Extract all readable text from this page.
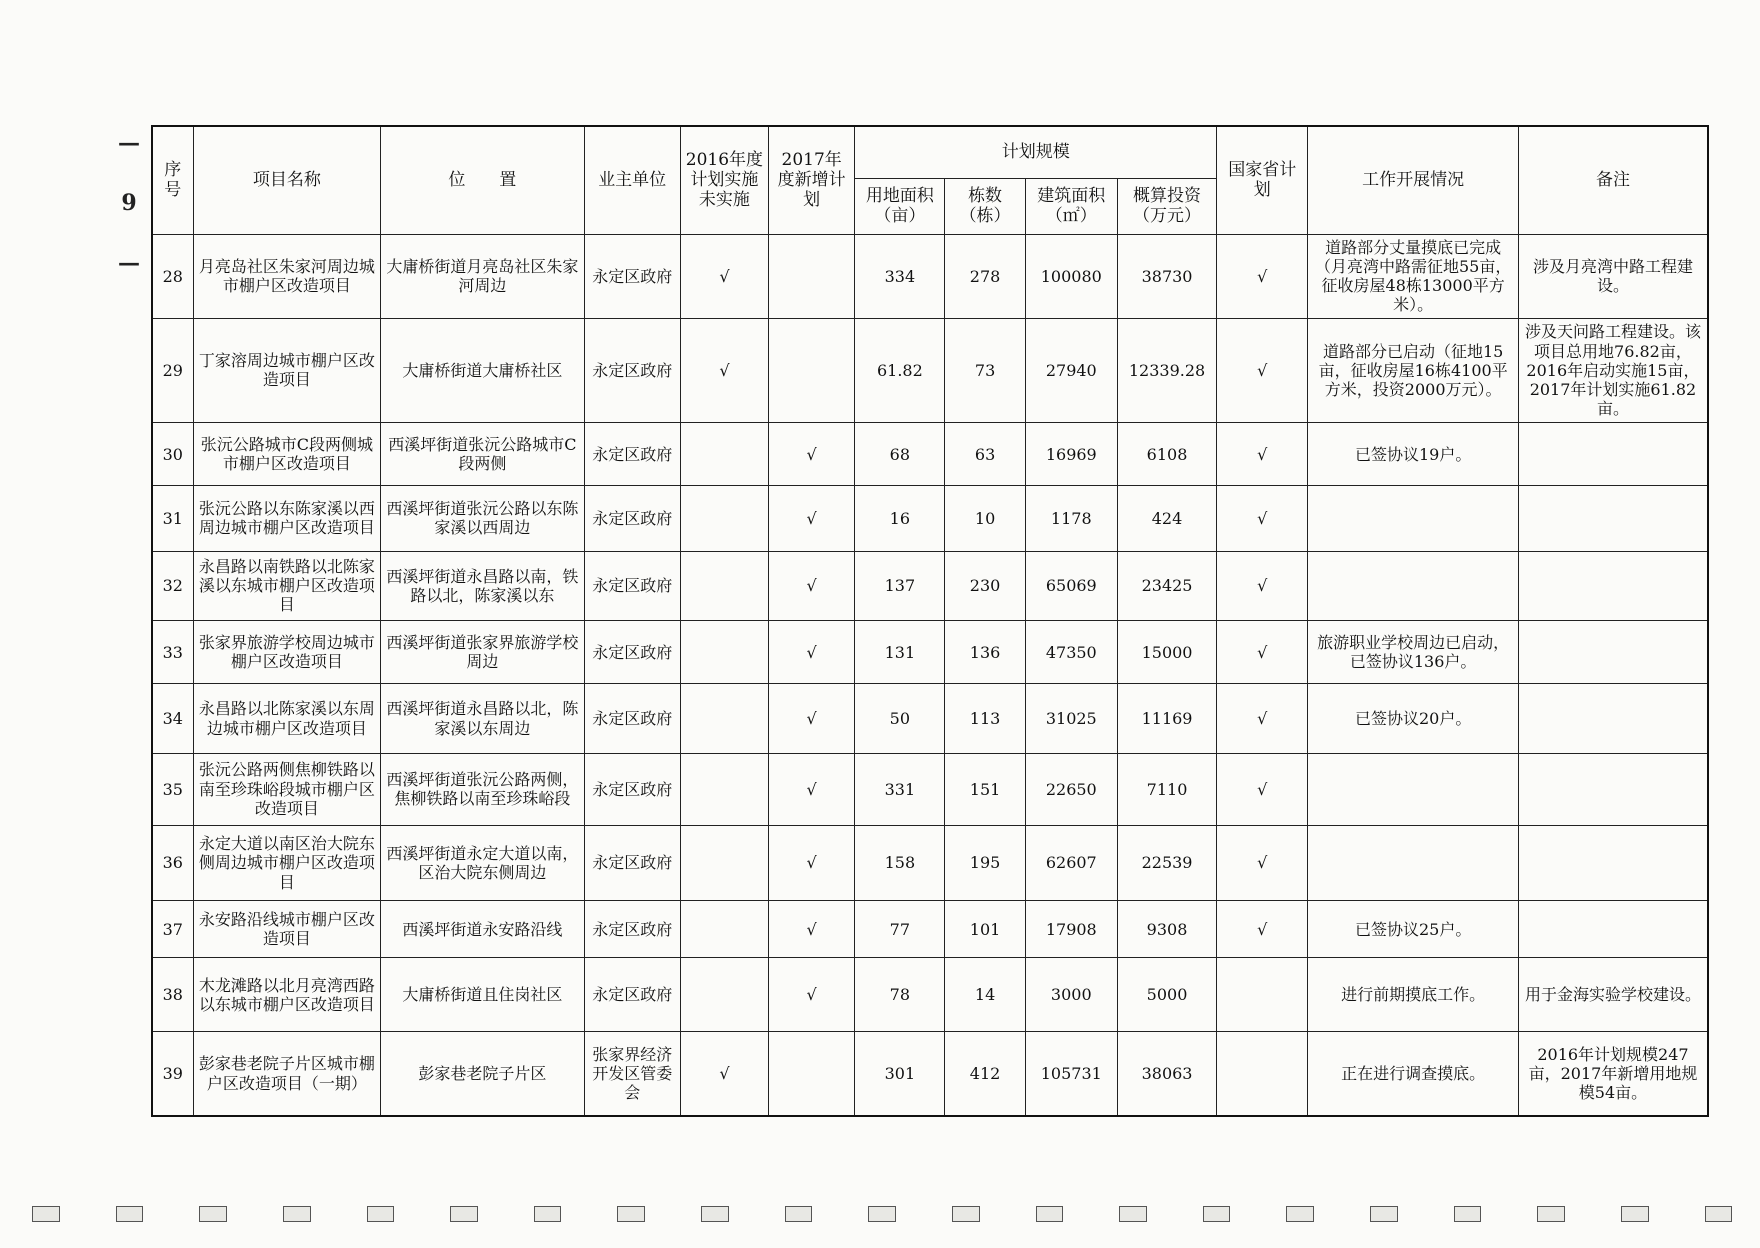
— 9 — 序号	项目名称	位　　置	业主单位	2016年度计划实施未实施	2017年度新增计划	计划规模				国家省计划	工作开展情况	备注
						用地面积（亩）	栋数（栋）	建筑面积（㎡）	概算投资（万元）			
28	月亮岛社区朱家河周边城市棚户区改造项目	大庸桥街道月亮岛社区朱家河周边	永定区政府	√		334	278	100080	38730	√	道路部分丈量摸底已完成（月亮湾中路需征地55亩，征收房屋48栋13000平方米）。	涉及月亮湾中路工程建设。
29	丁家溶周边城市棚户区改造项目	大庸桥街道大庸桥社区	永定区政府	√		61.82	73	27940	12339.28	√	道路部分已启动（征地15亩，征收房屋16栋4100平方米，投资2000万元）。	涉及天问路工程建设。该项目总用地76.82亩，2016年启动实施15亩，2017年计划实施61.82亩。
30	张沅公路城市C段两侧城市棚户区改造项目	西溪坪街道张沅公路城市C段两侧	永定区政府		√	68	63	16969	6108	√	已签协议19户。	
31	张沅公路以东陈家溪以西周边城市棚户区改造项目	西溪坪街道张沅公路以东陈家溪以西周边	永定区政府		√	16	10	1178	424	√		
32	永昌路以南铁路以北陈家溪以东城市棚户区改造项目	西溪坪街道永昌路以南，铁路以北，陈家溪以东	永定区政府		√	137	230	65069	23425	√		
33	张家界旅游学校周边城市棚户区改造项目	西溪坪街道张家界旅游学校周边	永定区政府		√	131	136	47350	15000	√	旅游职业学校周边已启动，已签协议136户。	
34	永昌路以北陈家溪以东周边城市棚户区改造项目	西溪坪街道永昌路以北，陈家溪以东周边	永定区政府		√	50	113	31025	11169	√	已签协议20户。	
35	张沅公路两侧焦柳铁路以南至珍珠峪段城市棚户区改造项目	西溪坪街道张沅公路两侧，焦柳铁路以南至珍珠峪段	永定区政府		√	331	151	22650	7110	√		
36	永定大道以南区治大院东侧周边城市棚户区改造项目	西溪坪街道永定大道以南，区治大院东侧周边	永定区政府		√	158	195	62607	22539	√		
37	永安路沿线城市棚户区改造项目	西溪坪街道永安路沿线	永定区政府		√	77	101	17908	9308	√	已签协议25户。	
38	木龙滩路以北月亮湾西路以东城市棚户区改造项目	大庸桥街道且住岗社区	永定区政府		√	78	14	3000	5000		进行前期摸底工作。	用于金海实验学校建设。
39	彭家巷老院子片区城市棚户区改造项目（一期）	彭家巷老院子片区	张家界经济开发区管委会	√		301	412	105731	38063		正在进行调查摸底。	2016年计划规模247亩，2017年新增用地规模54亩。
